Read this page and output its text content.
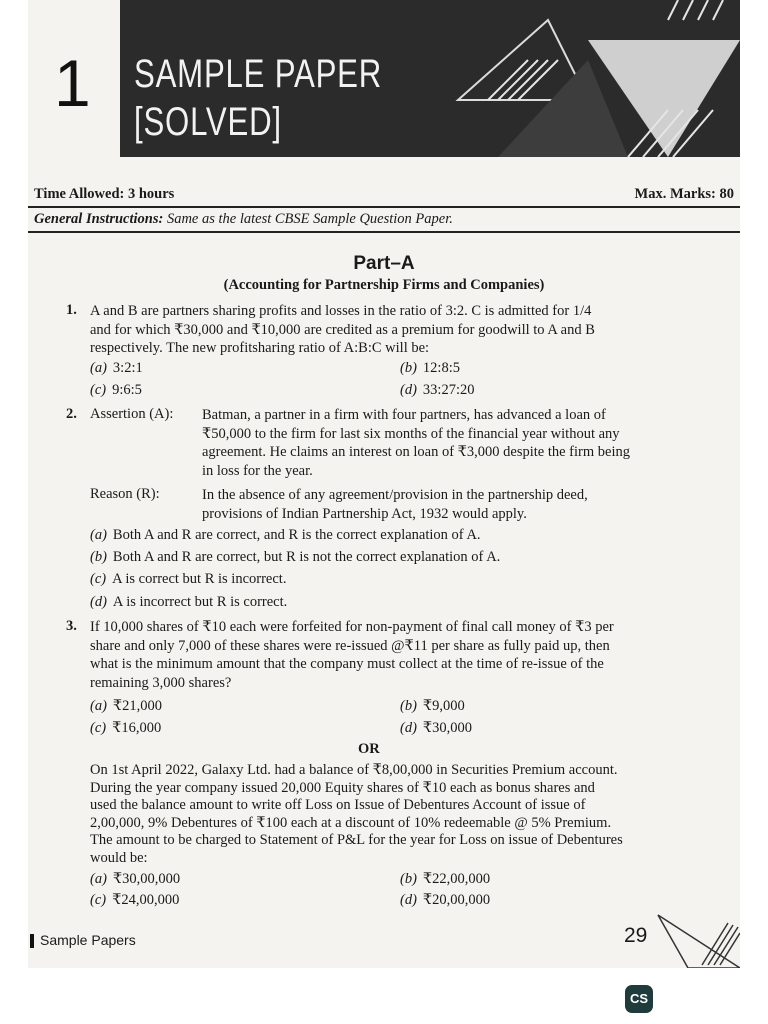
1 SAMPLE PAPER
[SOLVED]
Time Allowed: 3 hours	Max. Marks: 80
General Instructions: Same as the latest CBSE Sample Question Paper.
Part–A
(Accounting for Partnership Firms and Companies)
1. A and B are partners sharing profits and losses in the ratio of 3:2. C is admitted for 1/4
and for which ₹30,000 and ₹10,000 are credited as a premium for goodwill to A and B
respectively. The new profitsharing ratio of A:B:C will be:
(a) 3:2:1	(b) 12:8:5
(c) 9:6:5	(d) 33:27:20
2. Assertion (A): Batman, a partner in a firm with four partners, has advanced a loan of
₹50,000 to the firm for last six months of the financial year without any
agreement. He claims an interest on loan of ₹3,000 despite the firm being
in loss for the year.
Reason (R):	In the absence of any agreement/provision in the partnership deed,
provisions of Indian Partnership Act, 1932 would apply.
(a) Both A and R are correct, and R is the correct explanation of A.
(b) Both A and R are correct, but R is not the correct explanation of A.
(c) A is correct but R is incorrect.
(d) A is incorrect but R is correct.
3. If 10,000 shares of ₹10 each were forfeited for non-payment of final call money of ₹3 per
share and only 7,000 of these shares were re-issued @₹11 per share as fully paid up, then
what is the minimum amount that the company must collect at the time of re-issue of the
remaining 3,000 shares?
(a) ₹21,000	(b) ₹9,000
(c) ₹16,000	(d) ₹30,000
OR
On 1st April 2022, Galaxy Ltd. had a balance of ₹8,00,000 in Securities Premium account.
During the year company issued 20,000 Equity shares of ₹10 each as bonus shares and
used the balance amount to write off Loss on Issue of Debentures Account of issue of
2,00,000, 9% Debentures of ₹100 each at a discount of 10% redeemable @ 5% Premium.
The amount to be charged to Statement of P&L for the year for Loss on issue of Debentures
would be:
(a) ₹30,00,000	(b) ₹22,00,000
(c) ₹24,00,000	(d) ₹20,00,000
Sample Papers	29
CS
